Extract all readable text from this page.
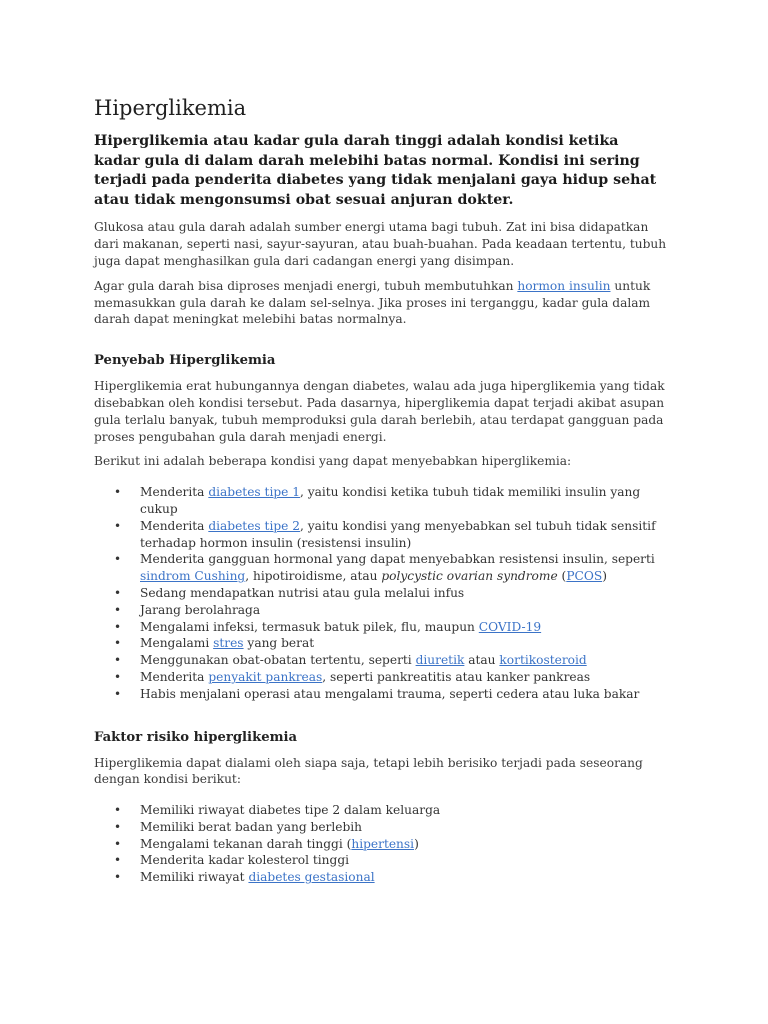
Hiperglikemia
Hiperglikemia atau kadar gula darah tinggi adalah kondisi ketika kadar gula di dalam darah melebihi batas normal. Kondisi ini sering terjadi pada penderita diabetes yang tidak menjalani gaya hidup sehat atau tidak mengonsumsi obat sesuai anjuran dokter.

Glukosa atau gula darah adalah sumber energi utama bagi tubuh. Zat ini bisa didapatkan dari makanan, seperti nasi, sayur-sayuran, atau buah-buahan. Pada keadaan tertentu, tubuh juga dapat menghasilkan gula dari cadangan energi yang disimpan.

Agar gula darah bisa diproses menjadi energi, tubuh membutuhkan hormon insulin untuk memasukkan gula darah ke dalam sel-selnya. Jika proses ini terganggu, kadar gula dalam darah dapat meningkat melebihi batas normalnya.

Penyebab Hiperglikemia

Hiperglikemia erat hubungannya dengan diabetes, walau ada juga hiperglikemia yang tidak disebabkan oleh kondisi tersebut. Pada dasarnya, hiperglikemia dapat terjadi akibat asupan gula terlalu banyak, tubuh memproduksi gula darah berlebih, atau terdapat gangguan pada proses pengubahan gula darah menjadi energi.

Berikut ini adalah beberapa kondisi yang dapat menyebabkan hiperglikemia:

• Menderita diabetes tipe 1, yaitu kondisi ketika tubuh tidak memiliki insulin yang cukup
• Menderita diabetes tipe 2, yaitu kondisi yang menyebabkan sel tubuh tidak sensitif terhadap hormon insulin (resistensi insulin)
• Menderita gangguan hormonal yang dapat menyebabkan resistensi insulin, seperti sindrom Cushing, hipotiroidisme, atau polycystic ovarian syndrome (PCOS)
• Sedang mendapatkan nutrisi atau gula melalui infus
• Jarang berolahraga
• Mengalami infeksi, termasuk batuk pilek, flu, maupun COVID-19
• Mengalami stres yang berat
• Menggunakan obat-obatan tertentu, seperti diuretik atau kortikosteroid
• Menderita penyakit pankreas, seperti pankreatitis atau kanker pankreas
• Habis menjalani operasi atau mengalami trauma, seperti cedera atau luka bakar
Faktor risiko hiperglikemia

Hiperglikemia dapat dialami oleh siapa saja, tetapi lebih berisiko terjadi pada seseorang dengan kondisi berikut:

• Memiliki riwayat diabetes tipe 2 dalam keluarga
• Memiliki berat badan yang berlebih
• Mengalami tekanan darah tinggi (hipertensi)
• Menderita kadar kolesterol tinggi
• Memiliki riwayat diabetes gestasional
